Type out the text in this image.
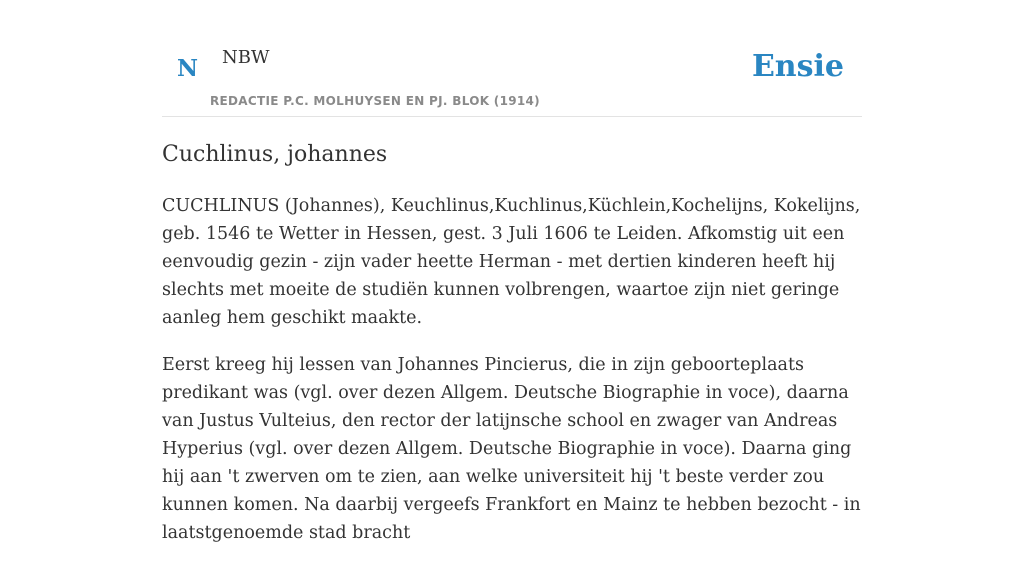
N NBW
REDACTIE P.C. MOLHUYSEN EN PJ. BLOK (1914)
Ensie
Cuchlinus, johannes

CUCHLINUS (Johannes), Keuchlinus,Kuchlinus,Küchlein,Kochelijns, Kokelijns, geb. 1546 te Wetter in Hessen, gest. 3 Juli 1606 te Leiden. Afkomstig uit een eenvoudig gezin - zijn vader heette Herman - met dertien kinderen heeft hij slechts met moeite de studiën kunnen volbrengen, waartoe zijn niet geringe aanleg hem geschikt maakte.

Eerst kreeg hij lessen van Johannes Pincierus, die in zijn geboorteplaats predikant was (vgl. over dezen Allgem. Deutsche Biographie in voce), daarna van Justus Vulteius, den rector der latijnsche school en zwager van Andreas Hyperius (vgl. over dezen Allgem. Deutsche Biographie in voce). Daarna ging hij aan 't zwerven om te zien, aan welke universiteit hij 't beste verder zou kunnen komen. Na daarbij vergeefs Frankfort en Mainz te hebben bezocht - in laatstgenoemde stad bracht
